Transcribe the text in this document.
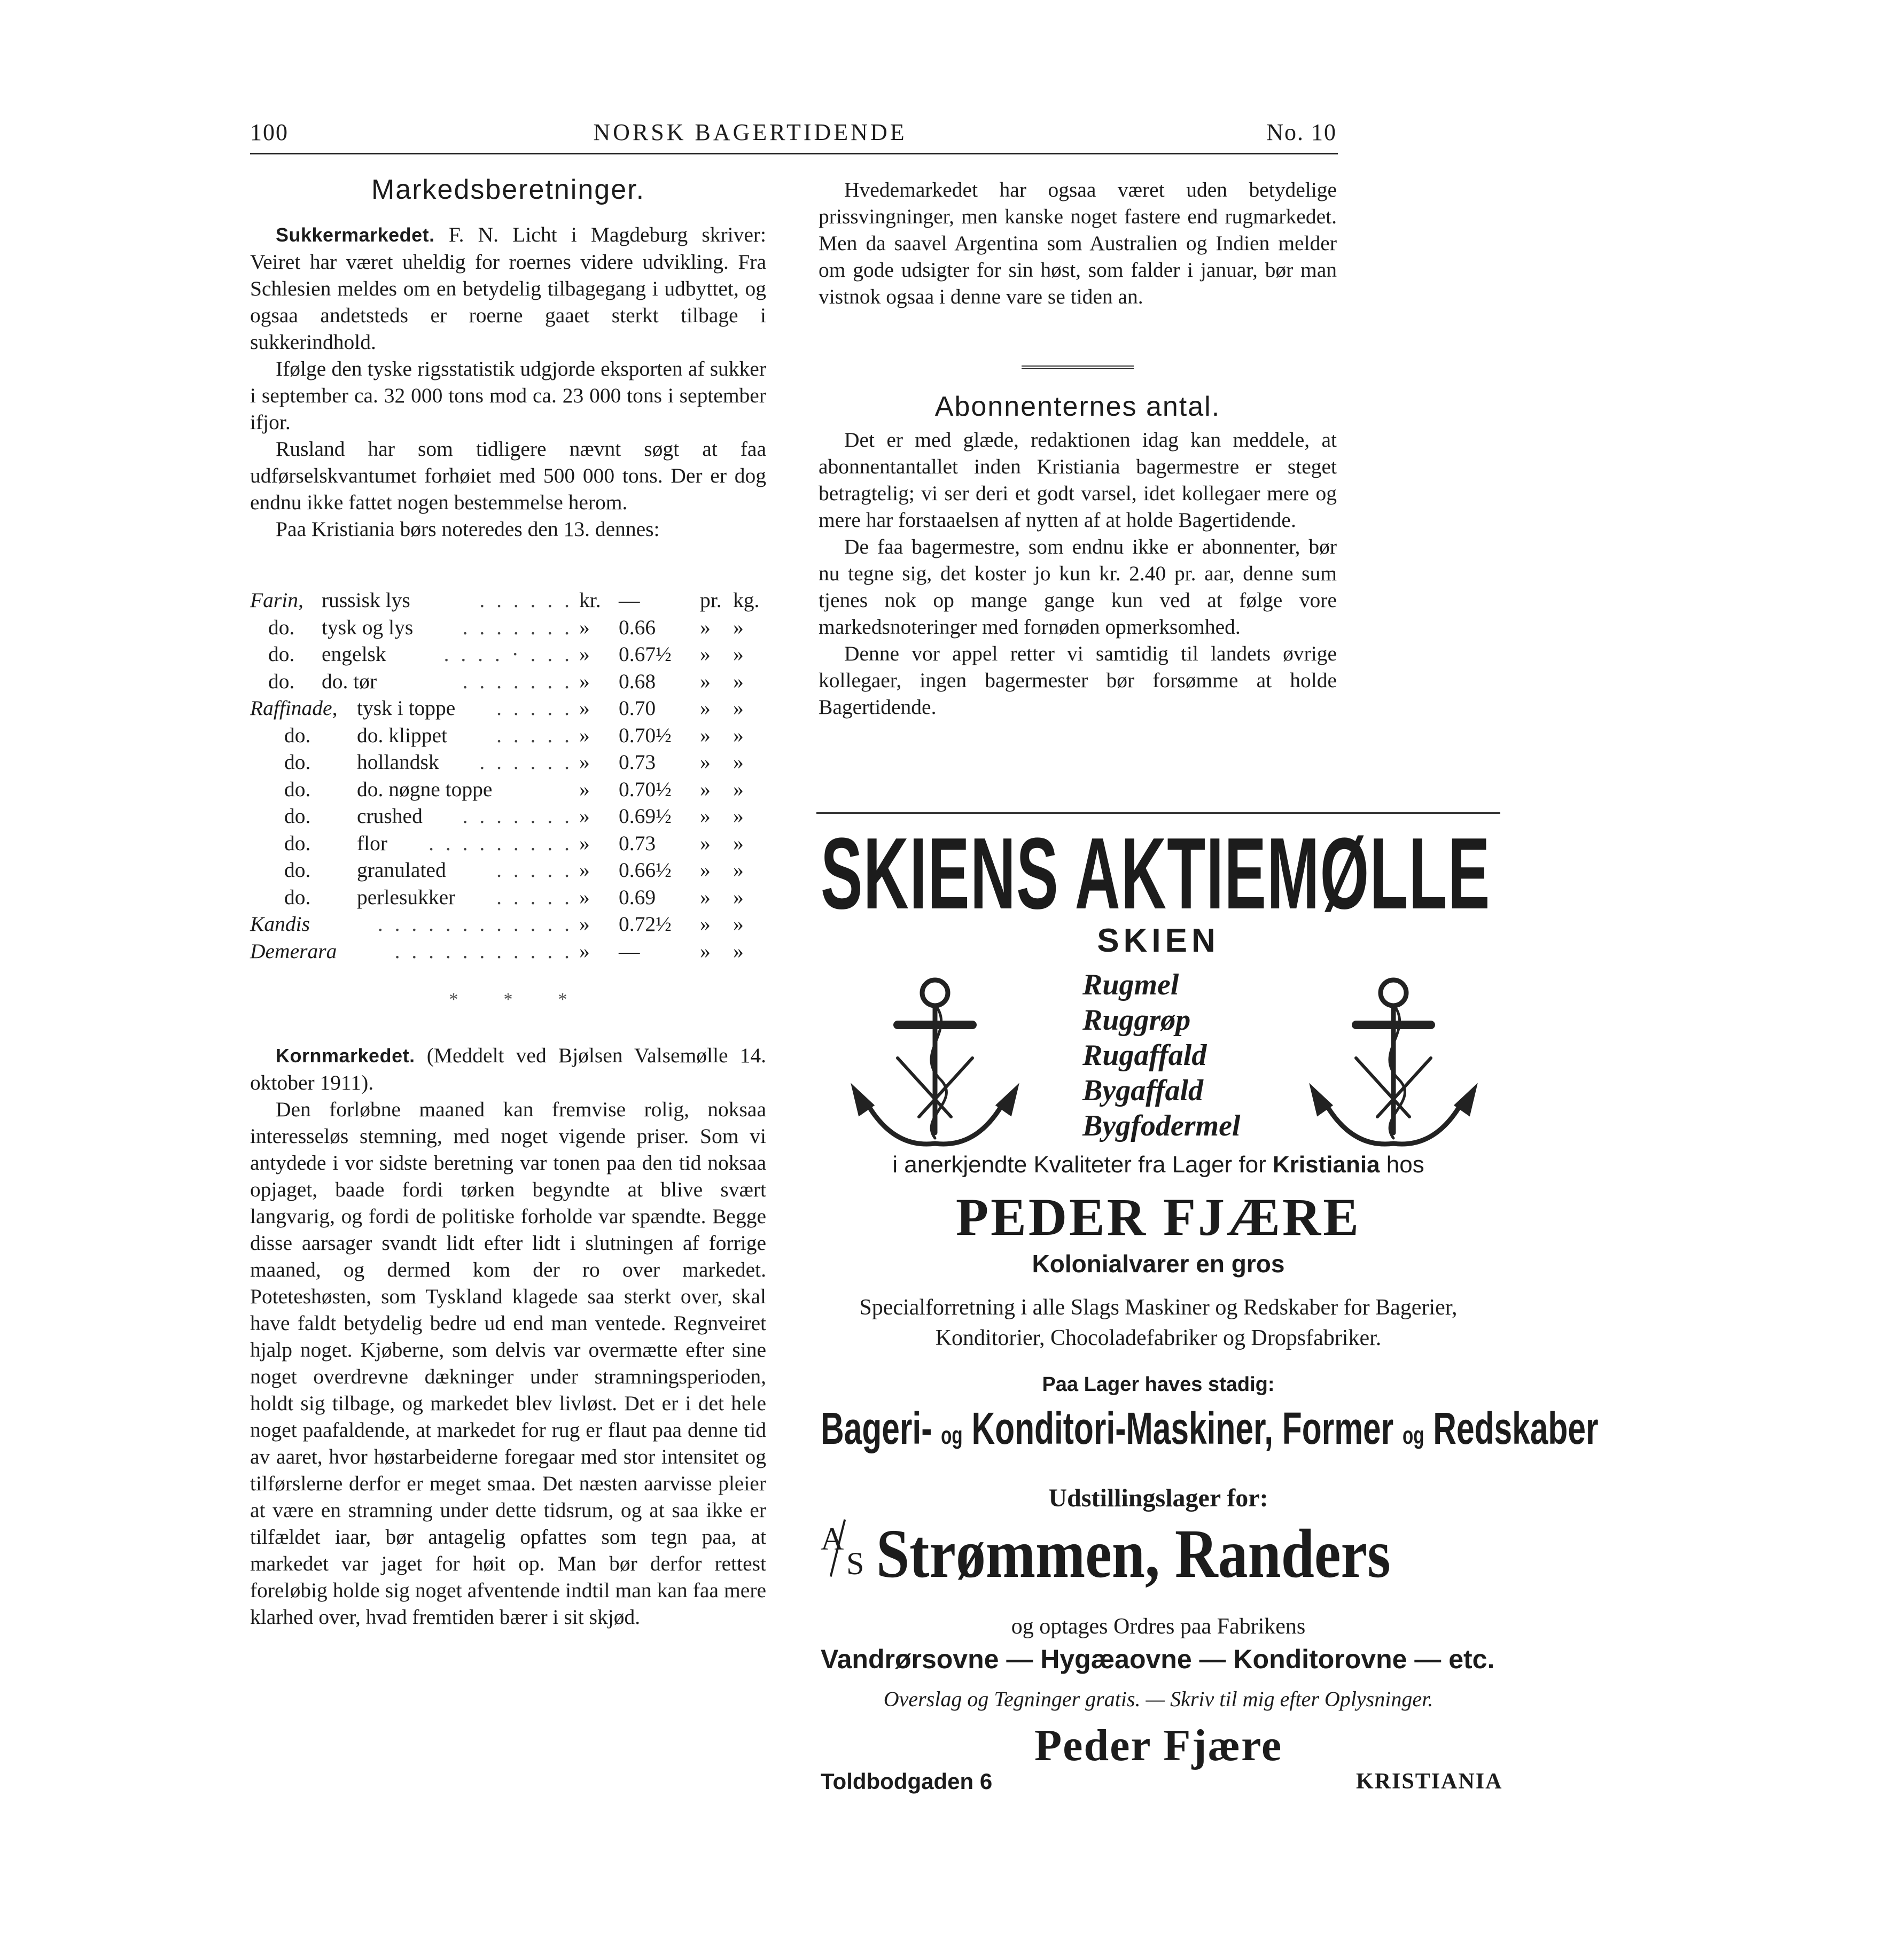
100	NORSK BAGERTIDENDE	No. 10
Markedsberetninger.

Sukkermarkedet. F. N. Licht i Magdeburg skriver: Veiret har været uheldig for roernes videre udvikling. Fra Schlesien meldes om en betydelig tilbagegang i udbyttet, og ogsaa andetsteds er roerne gaaet sterkt tilbage i sukkerindhold.

Ifølge den tyske rigsstatistik udgjorde eksporten af sukker i september ca. 32 000 tons mod ca. 23 000 tons i september ifjor.

Rusland har som tidligere nævnt søgt at faa udførselskvantumet forhøiet med 500 000 tons. Der er dog endnu ikke fattet nogen bestemmelse herom.

Paa Kristiania børs noteredes den 13. dennes:

Farin, russisk lys	kr. —	pr. kg.
. . . . . .
do. tysk og lys	» 0.66 » »
. . . . . . .
do. engelsk	» 0.67½ » »
. . . . · . . .
do. do. tør	» 0.68 » »
. . . . . . .
Raffinade, tysk i toppe	» 0.70 » »
. . . . .
do. do. klippet	» 0.70½ » »
. . . . .
do. hollandsk	» 0.73 » »
. . . . . .
do. do. nøgne toppe	» 0.70½ » »
do. crushed	» 0.69½ » »
. . . . . . .
do. flor	» 0.73 » »
. . . . . . . . .
do. granulated	» 0.66½ » »
. . . . .
do. perlesukker	» 0.69 » »
. . . . .
Kandis	» 0.72½ » »
. . . . . . . . . . . .
Demerara	» —	» »
. . . . . . . . . . .
*          *          *

Kornmarkedet. (Meddelt ved Bjølsen Valsemølle 14. oktober 1911).

Den forløbne maaned kan fremvise rolig, noksaa interesseløs stemning, med noget vigende priser. Som vi antydede i vor sidste beretning var tonen paa den tid noksaa opjaget, baade fordi tørken begyndte at blive svært langvarig, og fordi de politiske forholde var spændte. Begge disse aarsager svandt lidt efter lidt i slutningen af forrige maaned, og dermed kom der ro over markedet. Poteteshøsten, som Tyskland klagede saa sterkt over, skal have faldt betydelig bedre ud end man ventede. Regnveiret hjalp noget. Kjøberne, som delvis var overmætte efter sine noget overdrevne dækninger under stramningsperioden, holdt sig tilbage, og markedet blev livløst. Det er i det hele noget paafaldende, at markedet for rug er flaut paa denne tid av aaret, hvor høstarbeiderne foregaar med stor intensitet og tilførslerne derfor er meget smaa. Det næsten aarvisse pleier at være en stramning under dette tidsrum, og at saa ikke er tilfældet iaar, bør antagelig opfattes som tegn paa, at markedet var jaget for høit op. Man bør derfor rettest foreløbig holde sig noget afventende indtil man kan faa mere klarhed over, hvad fremtiden bærer i sit skjød.

Hvedemarkedet har ogsaa været uden betydelige prissvingninger, men kanske noget fastere end rugmarkedet. Men da saavel Argentina som Australien og Indien melder om gode udsigter for sin høst, som falder i januar, bør man vistnok ogsaa i denne vare se tiden an.

Abonnenternes antal.

Det er med glæde, redaktionen idag kan meddele, at abonnentantallet inden Kristiania bagermestre er steget betragtelig; vi ser deri et godt varsel, idet kollegaer mere og mere har forstaaelsen af nytten af at holde Bagertidende.

De faa bagermestre, som endnu ikke er abonnenter, bør nu tegne sig, det koster jo kun kr. 2.40 pr. aar, denne sum tjenes nok op mange gange kun ved at følge vore markedsnoteringer med fornøden opmerksomhed.

Denne vor appel retter vi samtidig til landets øvrige kollegaer, ingen bagermester bør forsømme at holde Bagertidende.

SKIENS AKTIEMØLLE
SKIEN
Rugmel
Ruggrøp
Rugaffald
Bygaffald
Bygfodermel
i anerkjendte Kvaliteter fra Lager for Kristiania hos
PEDER FJÆRE
Kolonialvarer en gros
Specialforretning i alle Slags Maskiner og Redskaber for Bagerier,
Konditorier, Chocoladefabriker og Dropsfabriker.
Paa Lager haves stadig:
Bageri- og Konditori-Maskiner, Former og Redskaber
Udstillingslager for:
A
S Strømmen, Randers
og optages Ordres paa Fabrikens
Vandrørsovne — Hygæaovne — Konditorovne — etc.
Overslag og Tegninger gratis. — Skriv til mig efter Oplysninger.
Peder Fjære
Toldbodgaden 6	KRISTIANIA
